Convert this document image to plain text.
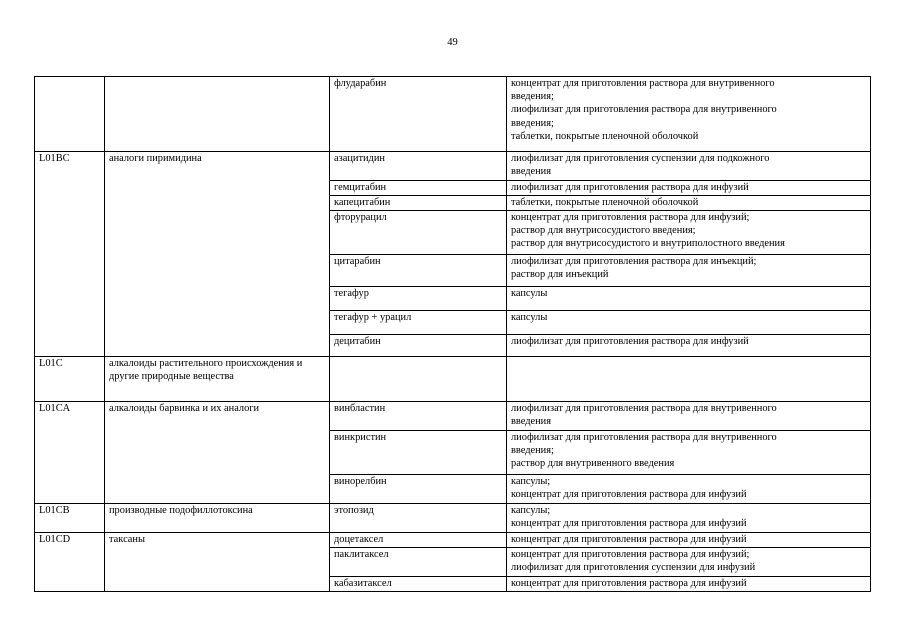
49

		флударабин	концентрат для приготовления раствора для внутривенного
введения;
лиофилизат для приготовления раствора для внутривенного
введения;
таблетки, покрытые пленочной оболочкой

L01BC	аналоги пиримидина	азацитидин	лиофилизат для приготовления суспензии для подкожного
введения

		гемцитабин	лиофилизат для приготовления раствора для инфузий

		капецитабин	таблетки, покрытые пленочной оболочкой

		фторурацил	концентрат для приготовления раствора для инфузий;
раствор для внутрисосудистого введения;
раствор для внутрисосудистого и внутриполостного введения

		цитарабин	лиофилизат для приготовления раствора для инъекций;
раствор для инъекций

		тегафур	капсулы

		тегафур + урацил	капсулы

		децитабин	лиофилизат для приготовления раствора для инфузий

L01C	алкалоиды растительного происхождения и другие природные вещества		

L01CA	алкалоиды барвинка и их аналоги	винбластин	лиофилизат для приготовления раствора для внутривенного
введения

		винкристин	лиофилизат для приготовления раствора для внутривенного
введения;
раствор для внутривенного введения

		винорелбин	капсулы;
концентрат для приготовления раствора для инфузий

L01CB	производные подофиллотоксина	этопозид	капсулы;
концентрат для приготовления раствора для инфузий

L01CD	таксаны	доцетаксел	концентрат для приготовления раствора для инфузий

		паклитаксел	концентрат для приготовления раствора для инфузий;
лиофилизат для приготовления суспензии для инфузий

		кабазитаксел	концентрат для приготовления раствора для инфузий
